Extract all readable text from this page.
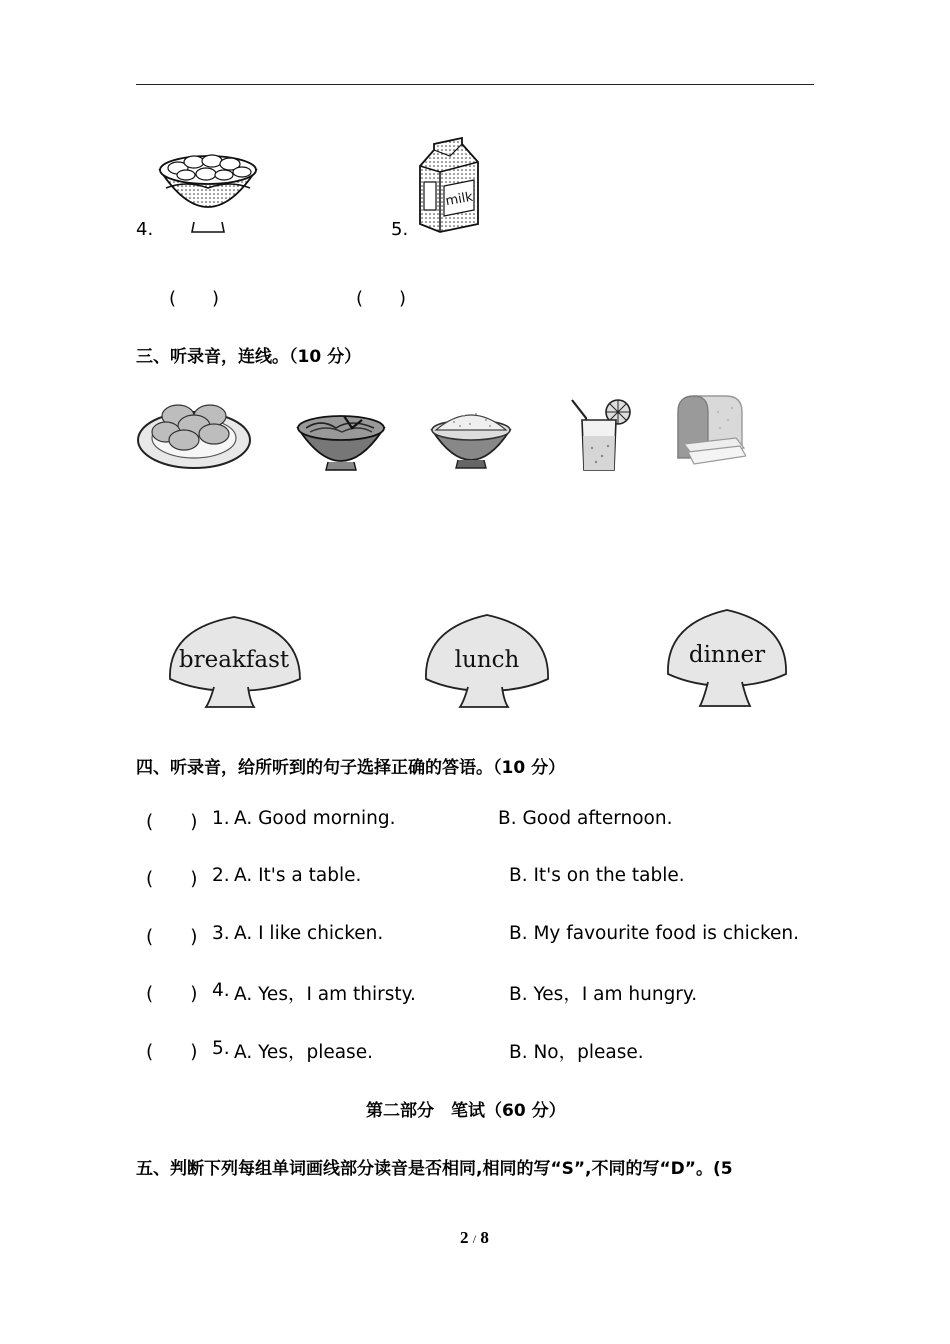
4.	5.
milk
(　　)	(　　)
三、听录音，连线。（10 分）
breakfast	lunch	dinner
四、听录音，给所听到的句子选择正确的答语。（10 分）
(　　) 1. A. Good morning.	B. Good afternoon.
(　　) 2. A. It's a table.	B. It's on the table.
(　　) 3. A. I like chicken.	B. My favourite food is chicken.
(　　) 4. A. Yes，I am thirsty.	B. Yes，I am hungry.
(　　) 5. A. Yes，please.	B. No，please.
第二部分　笔试（60 分）
五、判断下列每组单词画线部分读音是否相同,相同的写“S”,不同的写“D”。(5
2 / 8
